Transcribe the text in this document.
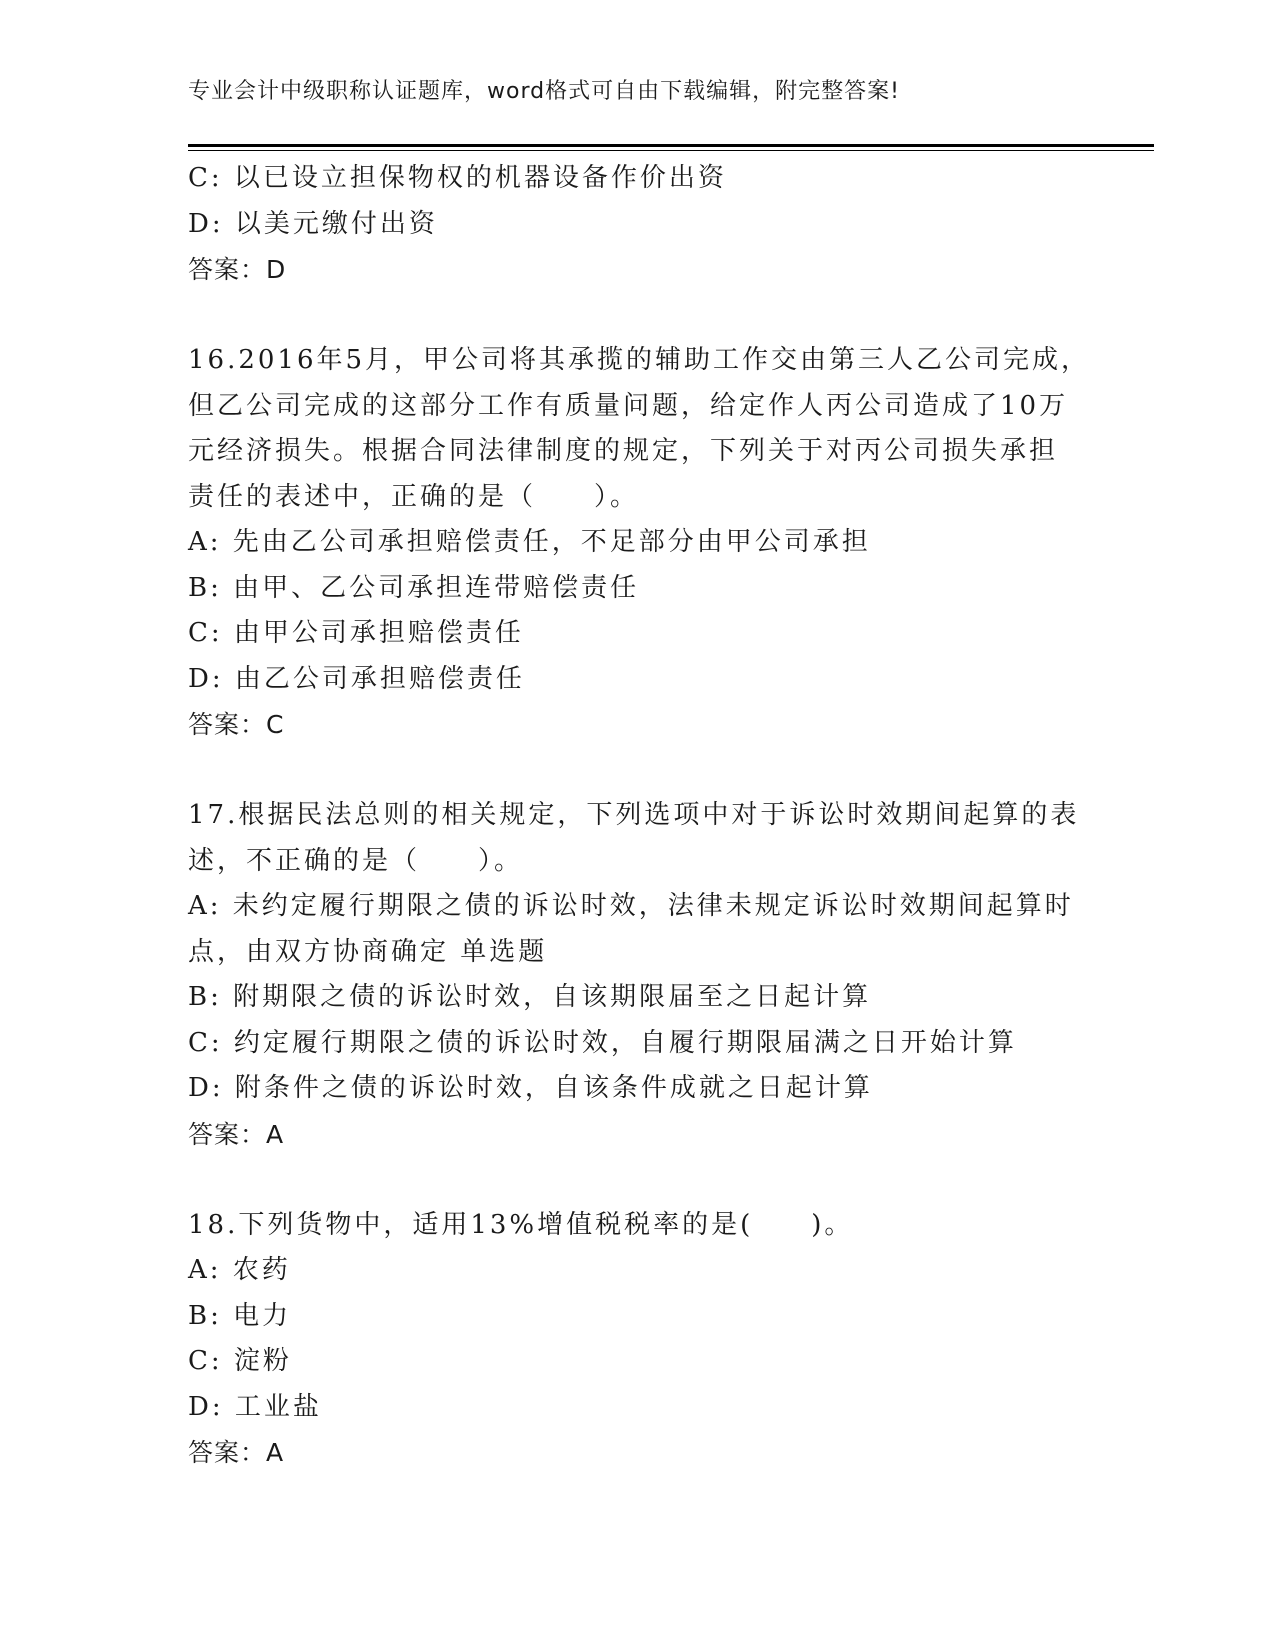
专业会计中级职称认证题库，word格式可自由下载编辑，附完整答案!
C: 以已设立担保物权的机器设备作价出资
D: 以美元缴付出资
答案：D
16.2016年5月，甲公司将其承揽的辅助工作交由第三人乙公司完成，
但乙公司完成的这部分工作有质量问题，给定作人丙公司造成了10万
元经济损失。根据合同法律制度的规定，下列关于对丙公司损失承担
责任的表述中，正确的是（　　）。
A: 先由乙公司承担赔偿责任，不足部分由甲公司承担
B: 由甲、乙公司承担连带赔偿责任
C: 由甲公司承担赔偿责任
D: 由乙公司承担赔偿责任
答案：C
17.根据民法总则的相关规定，下列选项中对于诉讼时效期间起算的表
述，不正确的是（　　）。
A: 未约定履行期限之债的诉讼时效，法律未规定诉讼时效期间起算时
点，由双方协商确定 单选题
B: 附期限之债的诉讼时效，自该期限届至之日起计算
C: 约定履行期限之债的诉讼时效，自履行期限届满之日开始计算
D: 附条件之债的诉讼时效，自该条件成就之日起计算
答案：A
18.下列货物中，适用13%增值税税率的是(　　)。
A: 农药
B: 电力
C: 淀粉
D: 工业盐
答案：A
